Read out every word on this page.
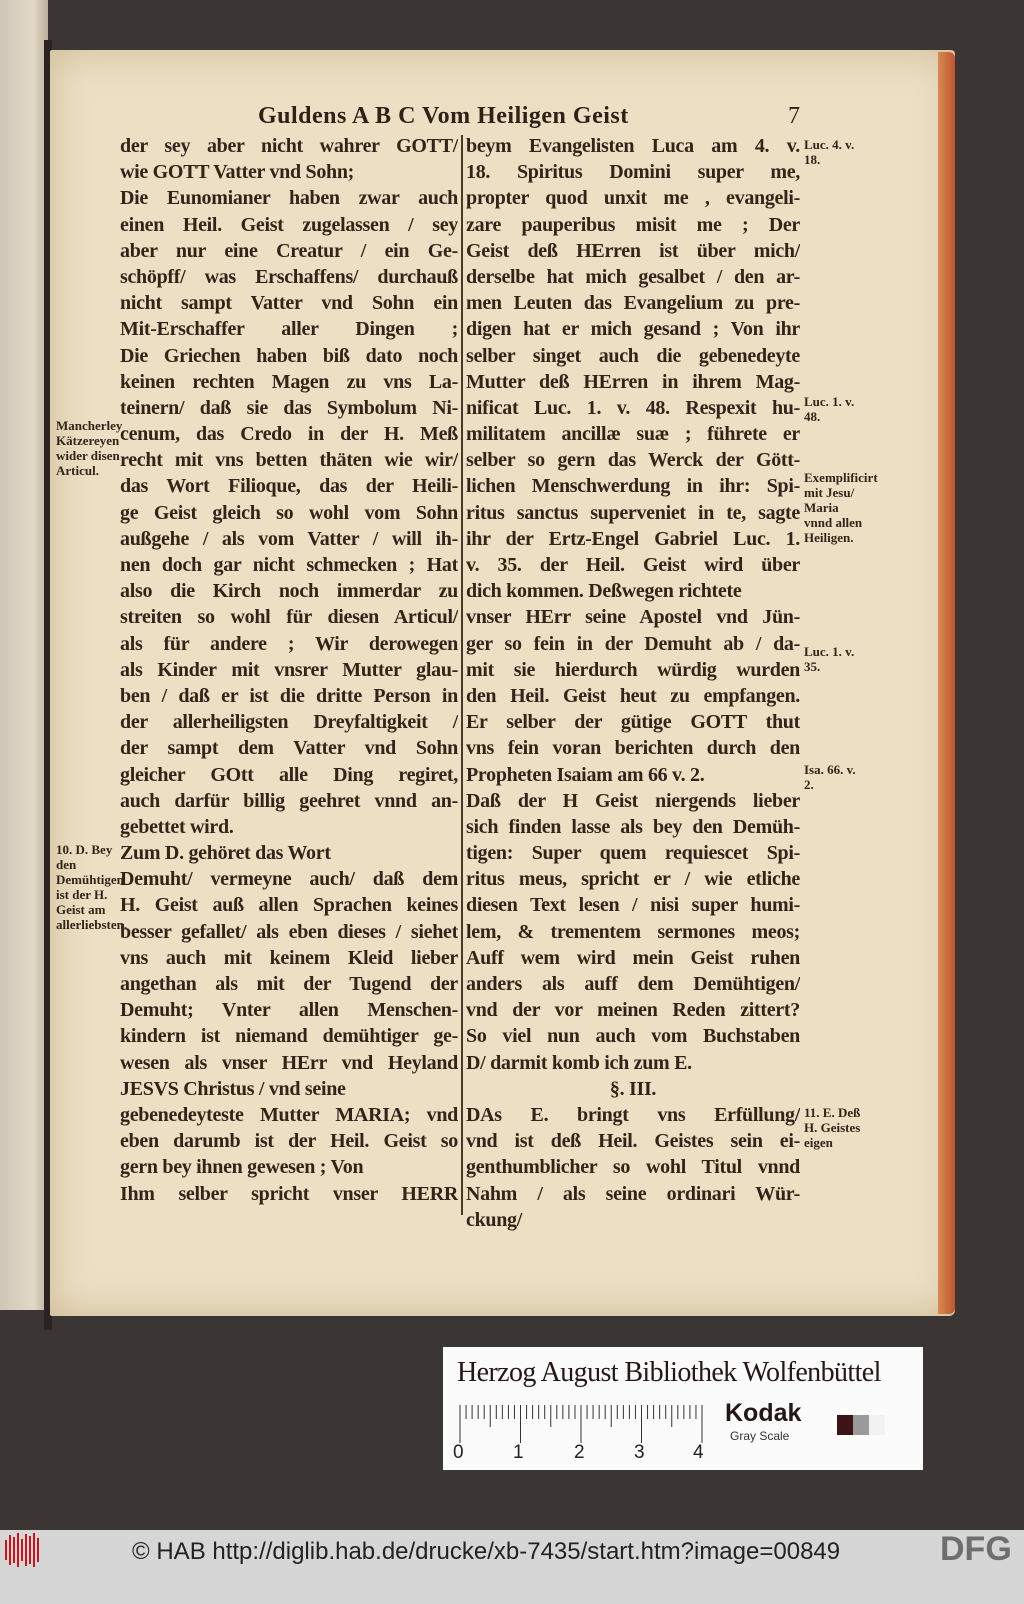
Guldens A B C Vom Heiligen Geist	7
der sey aber nicht wahrer GOTT/
wie GOTT Vatter vnd Sohn;
Die Eunomianer haben zwar auch
einen Heil. Geist zugelassen / sey
aber nur eine Creatur / ein Ge-
schöpff/ was Erschaffens/ durchauß
nicht sampt Vatter vnd Sohn ein
Mit-Erschaffer aller Dingen ;
Die Griechen haben biß dato noch
keinen rechten Magen zu vns La-
teinern/ daß sie das Symbolum Ni-
cenum, das Credo in der H. Meß
recht mit vns betten thäten wie wir/
das Wort Filioque, das der Heili-
ge Geist gleich so wohl vom Sohn
außgehe / als vom Vatter / will ih-
nen doch gar nicht schmecken ; Hat
also die Kirch noch immerdar zu
streiten so wohl für diesen Articul/
als für andere ; Wir derowegen
als Kinder mit vnsrer Mutter glau-
ben / daß er ist die dritte Person in
der allerheiligsten Dreyfaltigkeit /
der sampt dem Vatter vnd Sohn
gleicher GOtt alle Ding regiret,
auch darfür billig geehret vnnd an-
gebettet wird.
Zum D. gehöret das Wort
Demuht/ vermeyne auch/ daß dem
H. Geist auß allen Sprachen keines
besser gefallet/ als eben dieses / siehet
vns auch mit keinem Kleid lieber
angethan als mit der Tugend der
Demuht; Vnter allen Menschen-
kindern ist niemand demühtiger ge-
wesen als vnser HErr vnd Heyland
JESVS Christus / vnd seine
gebenedeyteste Mutter MARIA; vnd
eben darumb ist der Heil. Geist so
gern bey ihnen gewesen ; Von
Ihm selber spricht vnser HERR
beym Evangelisten Luca am 4. v.
18. Spiritus Domini super me,
propter quod unxit me , evangeli-
zare pauperibus misit me ; Der
Geist deß HErren ist über mich/
derselbe hat mich gesalbet / den ar-
men Leuten das Evangelium zu pre-
digen hat er mich gesand ; Von ihr
selber singet auch die gebenedeyte
Mutter deß HErren in ihrem Mag-
nificat Luc. 1. v. 48. Respexit hu-
militatem ancillæ suæ ; führete er
selber so gern das Werck der Gött-
lichen Menschwerdung in ihr: Spi-
ritus sanctus superveniet in te, sagte
ihr der Ertz-Engel Gabriel Luc. 1.
v. 35. der Heil. Geist wird über
dich kommen. Deßwegen richtete
vnser HErr seine Apostel vnd Jün-
ger so fein in der Demuht ab / da-
mit sie hierdurch würdig wurden
den Heil. Geist heut zu empfangen.
Er selber der gütige GOTT thut
vns fein voran berichten durch den
Propheten Isaiam am 66 v. 2.
Daß der H Geist niergends lieber
sich finden lasse als bey den Demüh-
tigen: Super quem requiescet Spi-
ritus meus, spricht er / wie etliche
diesen Text lesen / nisi super humi-
lem, & trementem sermones meos;
Auff wem wird mein Geist ruhen
anders als auff dem Demühtigen/
vnd der vor meinen Reden zittert?
So viel nun auch vom Buchstaben
D/ darmit komb ich zum E.
§. III.
DAs E. bringt vns Erfüllung/
vnd ist deß Heil. Geistes sein ei-
genthumblicher so wohl Titul vnnd
Nahm / als seine ordinari Wür-
ckung/
Mancherley Kätzereyen wider disen Articul.
10. D. Bey den Demühtigen ist der H. Geist am allerliebsten.
Luc. 4. v. 18.
Luc. 1. v. 48.
Exemplificirt mit Jesu/ Maria vnnd allen Heiligen.
Luc. 1. v. 35.
Isa. 66. v. 2.
11. E. Deß H. Geistes eigen
Herzog August Bibliothek Wolfenbüttel
0	1	2	3	4
Kodak
Gray Scale
© HAB http://diglib.hab.de/drucke/xb-7435/start.htm?image=00849	DFG
